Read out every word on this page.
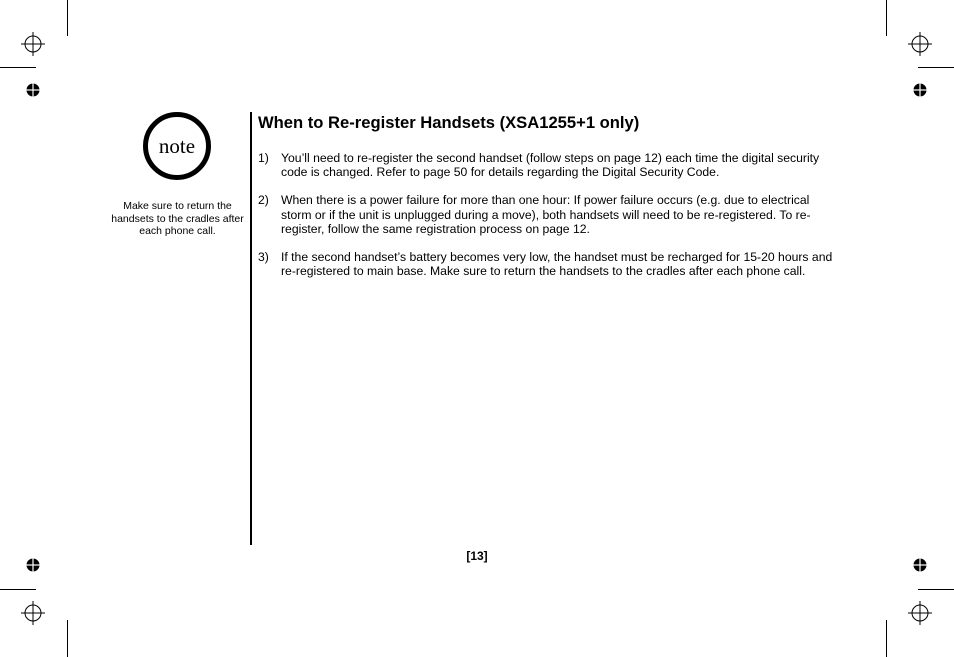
note
Make sure to return the handsets to the cradles after each phone call.
When to Re-register Handsets (XSA1255+1 only)
1) You’ll need to re-register the second handset (follow steps on page 12) each time the digital security code is changed. Refer to page 50 for details regarding the Digital Security Code.
2) When there is a power failure for more than one hour: If power failure occurs (e.g. due to electrical storm or if the unit is unplugged during a move), both handsets will need to be re-registered. To re-register, follow the same registration process on page 12.
3) If the second handset’s battery becomes very low, the handset must be recharged for 15-20 hours and re-registered to main base. Make sure to return the handsets to the cradles after each phone call.
[13]
